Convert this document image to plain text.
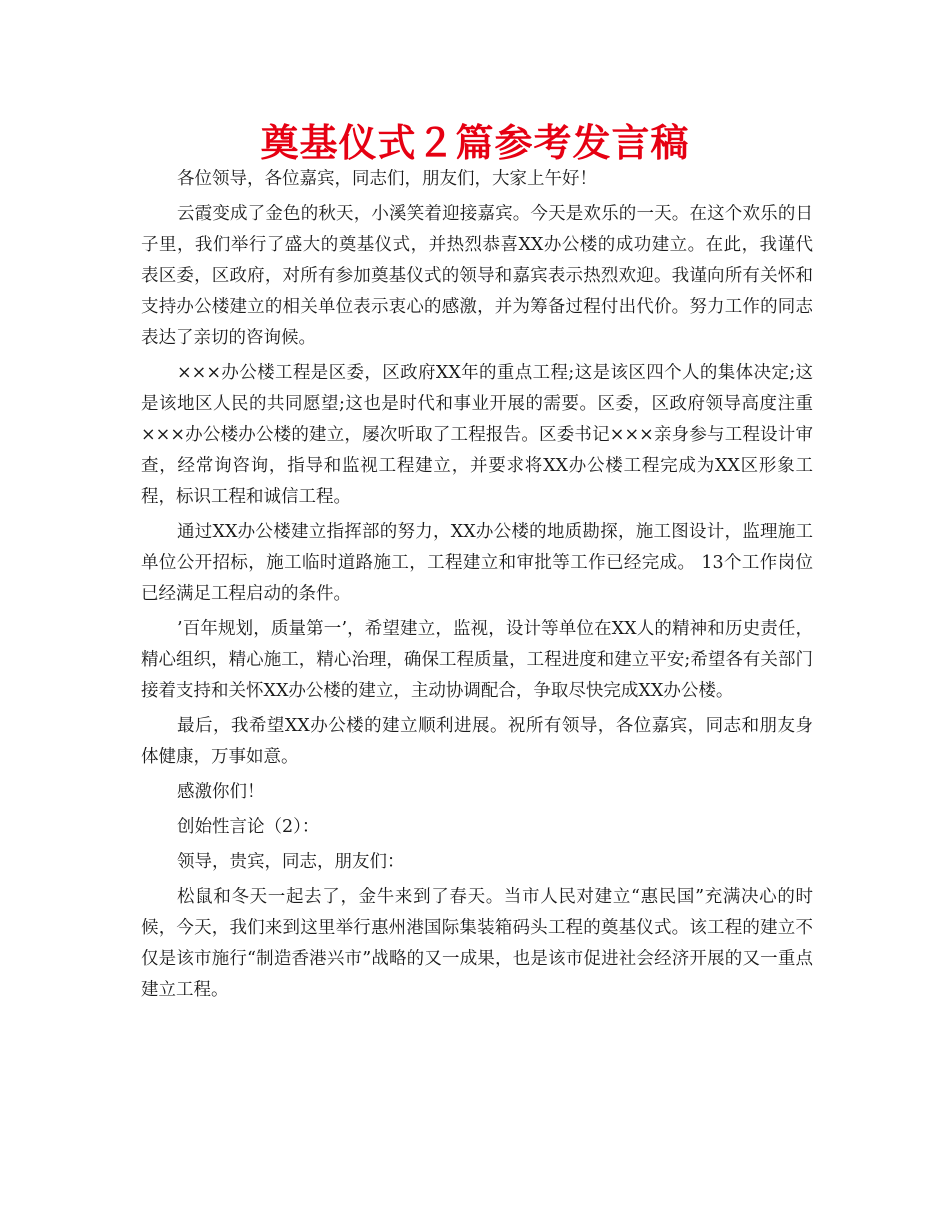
奠基仪式２篇参考发言稿

各位领导，各位嘉宾，同志们，朋友们，大家上午好！

云霞变成了金色的秋天，小溪笑着迎接嘉宾。今天是欢乐的一天。在这个欢乐的日子里，我们举行了盛大的奠基仪式，并热烈恭喜XX办公楼的成功建立。在此，我谨代表区委，区政府，对所有参加奠基仪式的领导和嘉宾表示热烈欢迎。我谨向所有关怀和支持办公楼建立的相关单位表示衷心的感激，并为筹备过程付出代价。努力工作的同志表达了亲切的咨询候。

×××办公楼工程是区委，区政府XX年的重点工程;这是该区四个人的集体决定;这是该地区人民的共同愿望;这也是时代和事业开展的需要。区委，区政府领导高度注重×××办公楼办公楼的建立，屡次听取了工程报告。区委书记×××亲身参与工程设计审查，经常询咨询，指导和监视工程建立，并要求将XX办公楼工程完成为XX区形象工程，标识工程和诚信工程。

通过XX办公楼建立指挥部的努力，XX办公楼的地质勘探，施工图设计，监理施工单位公开招标，施工临时道路施工，工程建立和审批等工作已经完成。 13个工作岗位已经满足工程启动的条件。

’百年规划，质量第一’，希望建立，监视，设计等单位在XX人的精神和历史责任，精心组织，精心施工，精心治理，确保工程质量，工程进度和建立平安;希望各有关部门接着支持和关怀XX办公楼的建立，主动协调配合，争取尽快完成XX办公楼。

最后，我希望XX办公楼的建立顺利进展。祝所有领导，各位嘉宾，同志和朋友身体健康，万事如意。

感激你们！

创始性言论（2）：

领导，贵宾，同志，朋友们：

松鼠和冬天一起去了，金牛来到了春天。当市人民对建立“惠民国”充满决心的时候，今天，我们来到这里举行惠州港国际集装箱码头工程的奠基仪式。该工程的建立不仅是该市施行“制造香港兴市”战略的又一成果，也是该市促进社会经济开展的又一重点建立工程。
